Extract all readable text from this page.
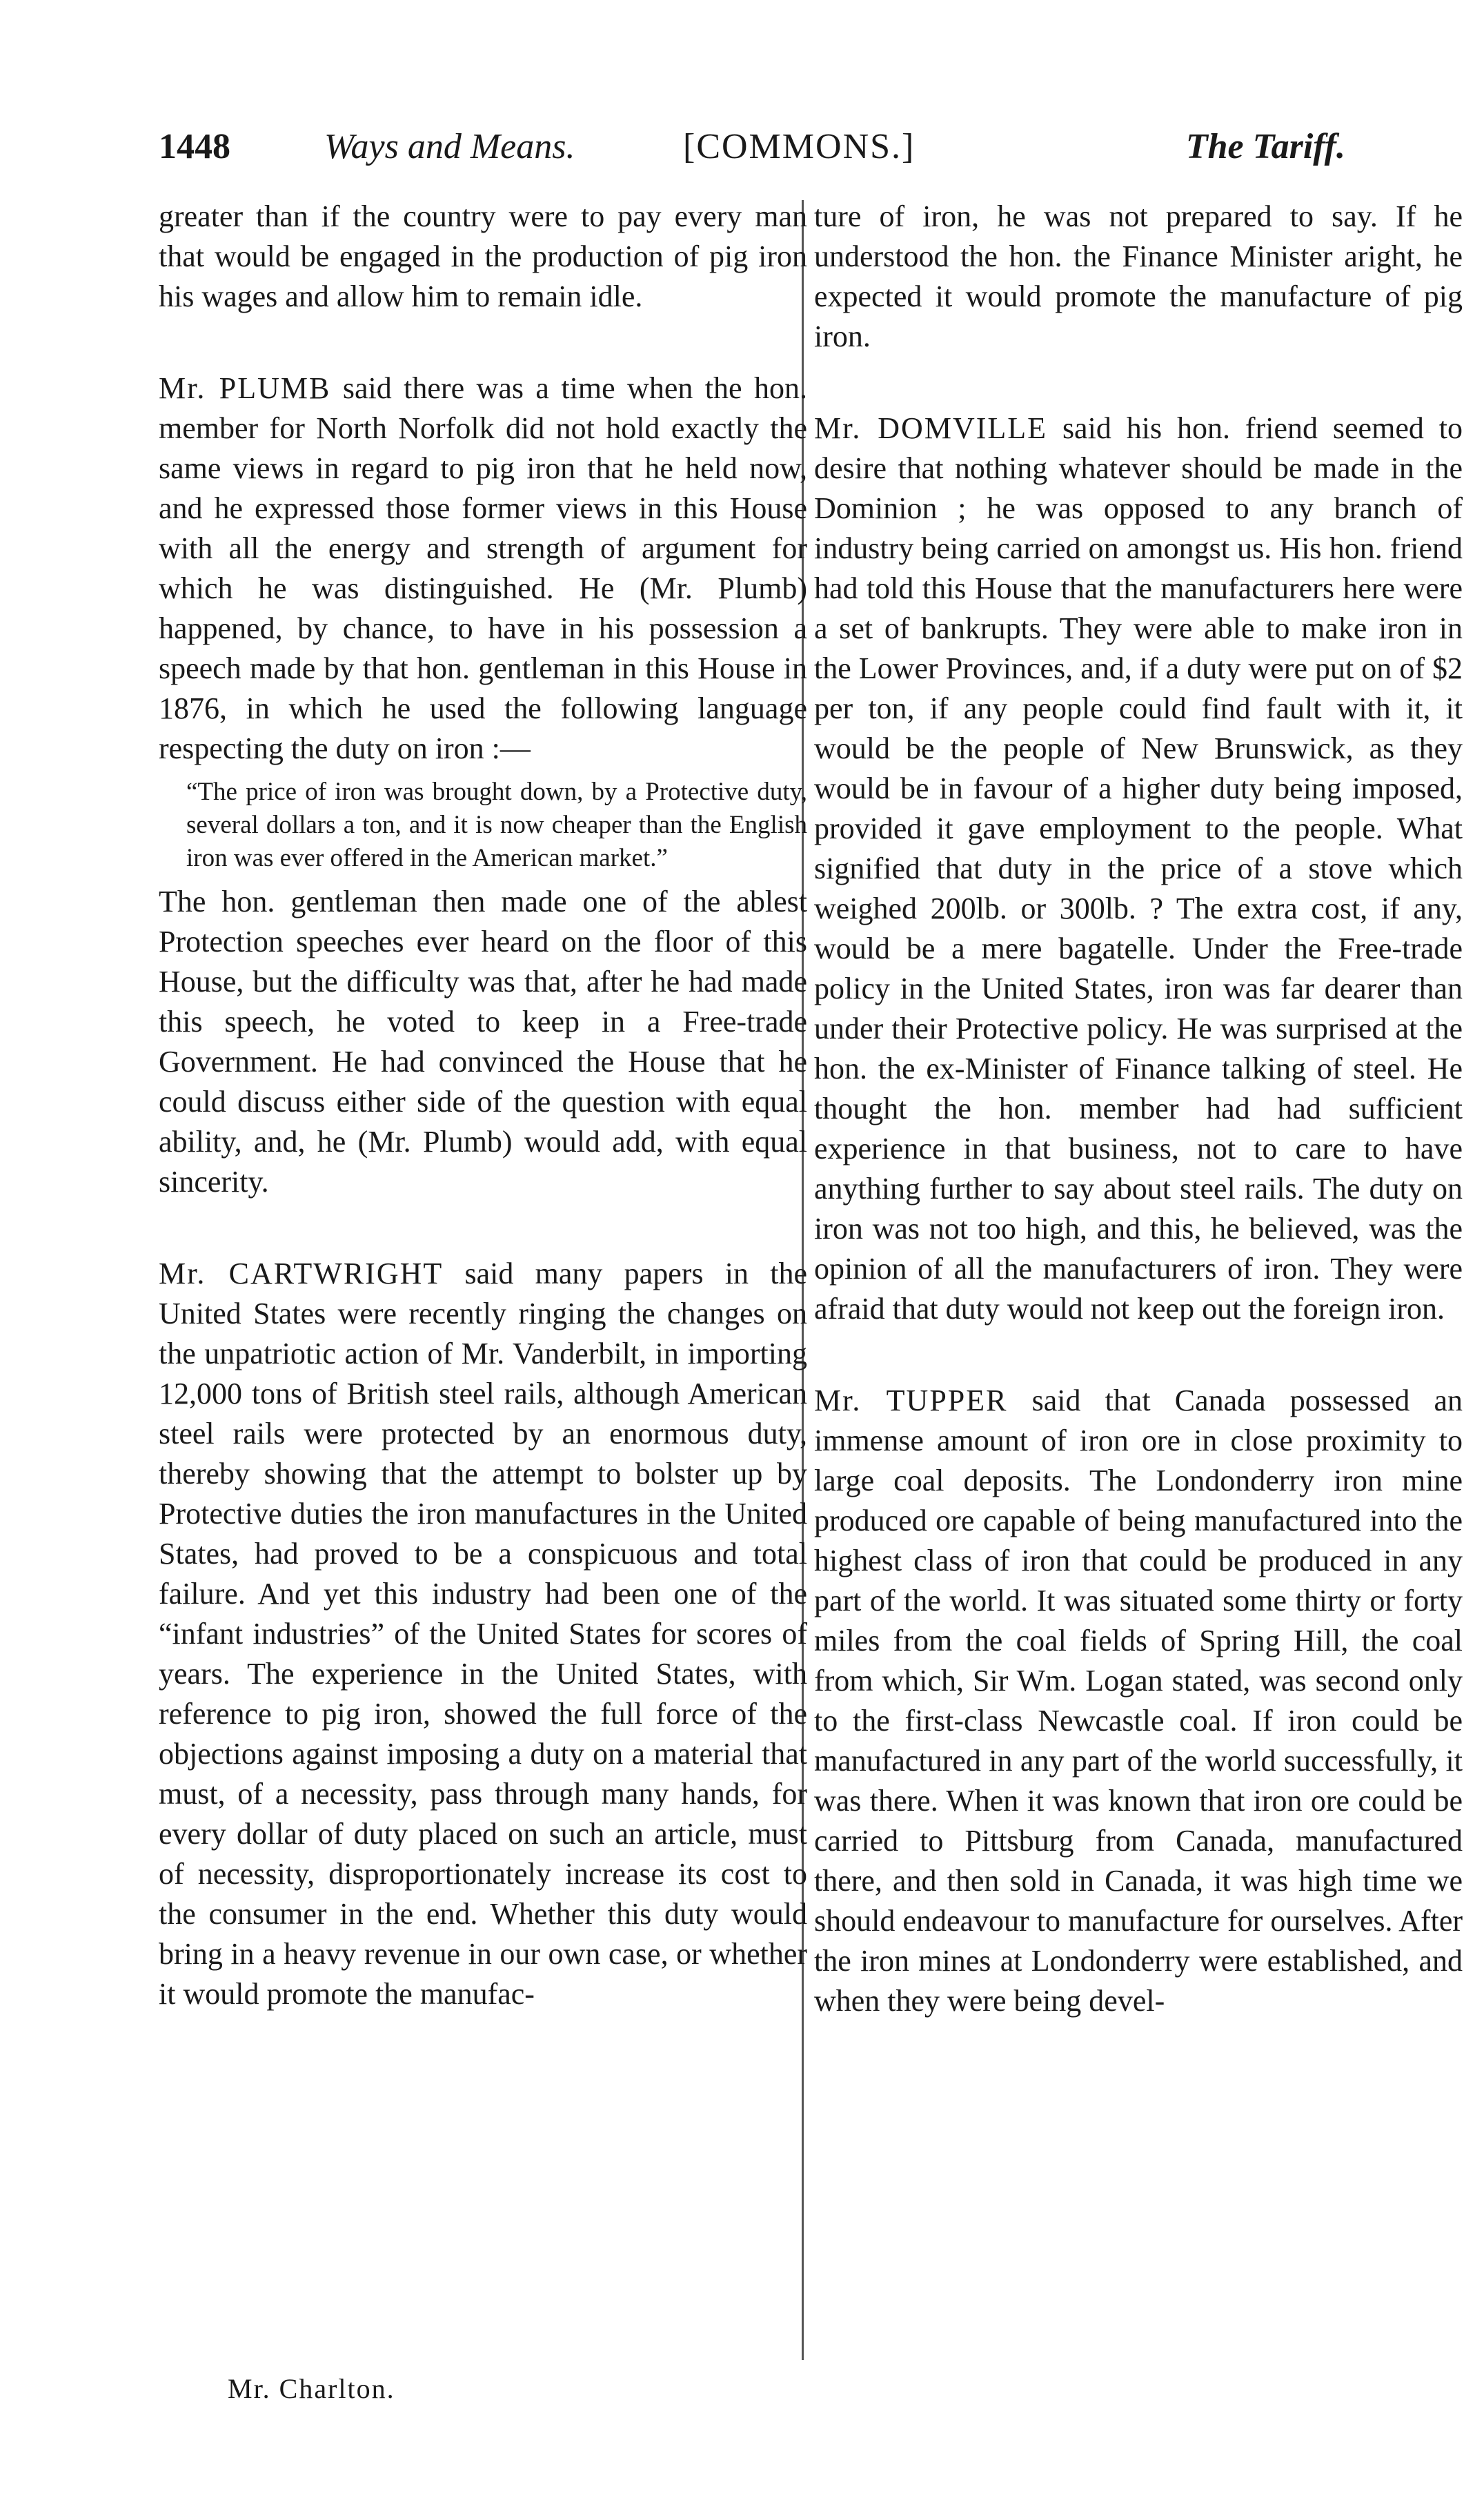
1448	Ways and Means.	[COMMONS.]	The Tariff.

greater than if the country were to pay every man that would be engaged in the production of pig iron his wages and allow him to remain idle.

Mr. PLUMB said there was a time when the hon. member for North Norfolk did not hold exactly the same views in regard to pig iron that he held now, and he expressed those former views in this House with all the energy and strength of argument for which he was distinguished. He (Mr. Plumb) happened, by chance, to have in his possession a speech made by that hon. gentleman in this House in 1876, in which he used the following language respecting the duty on iron :—

“The price of iron was brought down, by a Protective duty, several dollars a ton, and it is now cheaper than the English iron was ever offered in the American market.”

The hon. gentleman then made one of the ablest Protection speeches ever heard on the floor of this House, but the difficulty was that, after he had made this speech, he voted to keep in a Free-trade Government. He had convinced the House that he could discuss either side of the question with equal ability, and, he (Mr. Plumb) would add, with equal sincerity.

Mr. CARTWRIGHT said many papers in the United States were recently ringing the changes on the unpatriotic action of Mr. Vanderbilt, in importing 12,000 tons of British steel rails, although American steel rails were protected by an enormous duty, thereby showing that the attempt to bolster up by Protective duties the iron manufactures in the United States, had proved to be a conspicuous and total failure. And yet this industry had been one of the “infant industries” of the United States for scores of years. The experience in the United States, with reference to pig iron, showed the full force of the objections against imposing a duty on a material that must, of a necessity, pass through many hands, for every dollar of duty placed on such an article, must of necessity, disproportionately increase its cost to the consumer in the end. Whether this duty would bring in a heavy revenue in our own case, or whether it would promote the manufac-

ture of iron, he was not prepared to say. If he understood the hon. the Finance Minister aright, he expected it would promote the manufacture of pig iron.

Mr. DOMVILLE said his hon. friend seemed to desire that nothing whatever should be made in the Dominion ; he was opposed to any branch of industry being carried on amongst us. His hon. friend had told this House that the manufacturers here were a set of bankrupts. They were able to make iron in the Lower Provinces, and, if a duty were put on of $2 per ton, if any people could find fault with it, it would be the people of New Brunswick, as they would be in favour of a higher duty being imposed, provided it gave employment to the people. What signified that duty in the price of a stove which weighed 200lb. or 300lb. ? The extra cost, if any, would be a mere bagatelle. Under the Free-trade policy in the United States, iron was far dearer than under their Protective policy. He was surprised at the hon. the ex-Minister of Finance talking of steel. He thought the hon. member had had sufficient experience in that business, not to care to have anything further to say about steel rails. The duty on iron was not too high, and this, he believed, was the opinion of all the manufacturers of iron. They were afraid that duty would not keep out the foreign iron.

Mr. TUPPER said that Canada possessed an immense amount of iron ore in close proximity to large coal deposits. The Londonderry iron mine produced ore capable of being manufactured into the highest class of iron that could be produced in any part of the world. It was situated some thirty or forty miles from the coal fields of Spring Hill, the coal from which, Sir Wm. Logan stated, was second only to the first-class Newcastle coal. If iron could be manufactured in any part of the world successfully, it was there. When it was known that iron ore could be carried to Pittsburg from Canada, manufactured there, and then sold in Canada, it was high time we should endeavour to manufacture for ourselves. After the iron mines at Londonderry were established, and when they were being devel-

Mr. Charlton.
